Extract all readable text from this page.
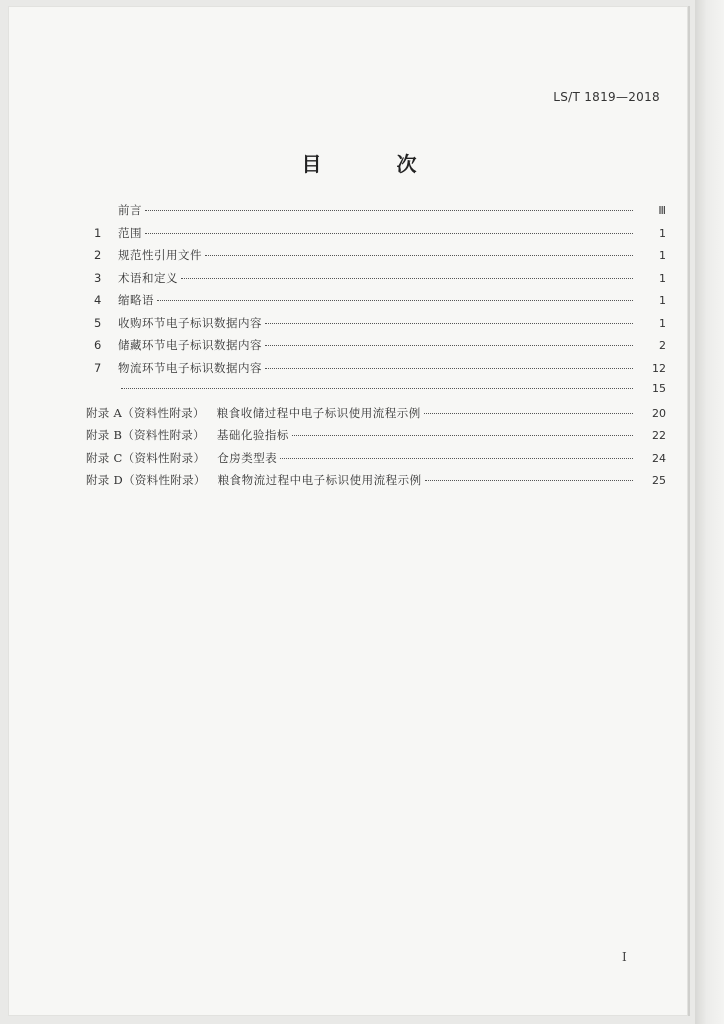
LS/T 1819—2018
目 次
前言	Ⅲ
1	范围	1
2	规范性引用文件	1
3	术语和定义	1
4	缩略语	1
5	收购环节电子标识数据内容	1
6	储藏环节电子标识数据内容	2
7	物流环节电子标识数据内容	12
15
附录 A（资料性附录） 粮食收储过程中电子标识使用流程示例	20
附录 B（资料性附录） 基础化验指标	22
附录 C（资料性附录） 仓房类型表	24
附录 D（资料性附录） 粮食物流过程中电子标识使用流程示例	25
I
